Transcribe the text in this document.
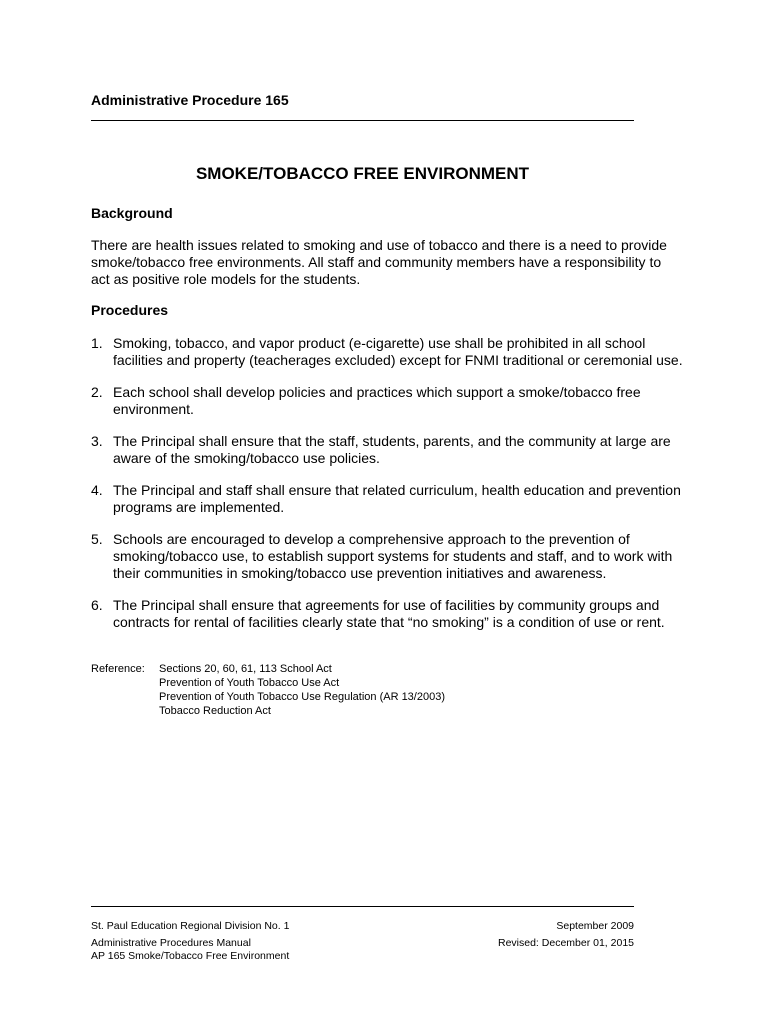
Administrative Procedure 165
SMOKE/TOBACCO FREE ENVIRONMENT
Background
There are health issues related to smoking and use of tobacco and there is a need to provide smoke/tobacco free environments. All staff and community members have a responsibility to act as positive role models for the students.
Procedures
1. Smoking, tobacco, and vapor product (e-cigarette) use shall be prohibited in all school facilities and property (teacherages excluded) except for FNMI traditional or ceremonial use.
2. Each school shall develop policies and practices which support a smoke/tobacco free environment.
3. The Principal shall ensure that the staff, students, parents, and the community at large are aware of the smoking/tobacco use policies.
4. The Principal and staff shall ensure that related curriculum, health education and prevention programs are implemented.
5. Schools are encouraged to develop a comprehensive approach to the prevention of smoking/tobacco use, to establish support systems for students and staff, and to work with their communities in smoking/tobacco use prevention initiatives and awareness.
6. The Principal shall ensure that agreements for use of facilities by community groups and contracts for rental of facilities clearly state that “no smoking” is a condition of use or rent.
Reference: Sections 20, 60, 61, 113 School Act
Prevention of Youth Tobacco Use Act
Prevention of Youth Tobacco Use Regulation (AR 13/2003)
Tobacco Reduction Act
St. Paul Education Regional Division No. 1
Administrative Procedures Manual
AP 165 Smoke/Tobacco Free Environment
September 2009
Revised: December 01, 2015
